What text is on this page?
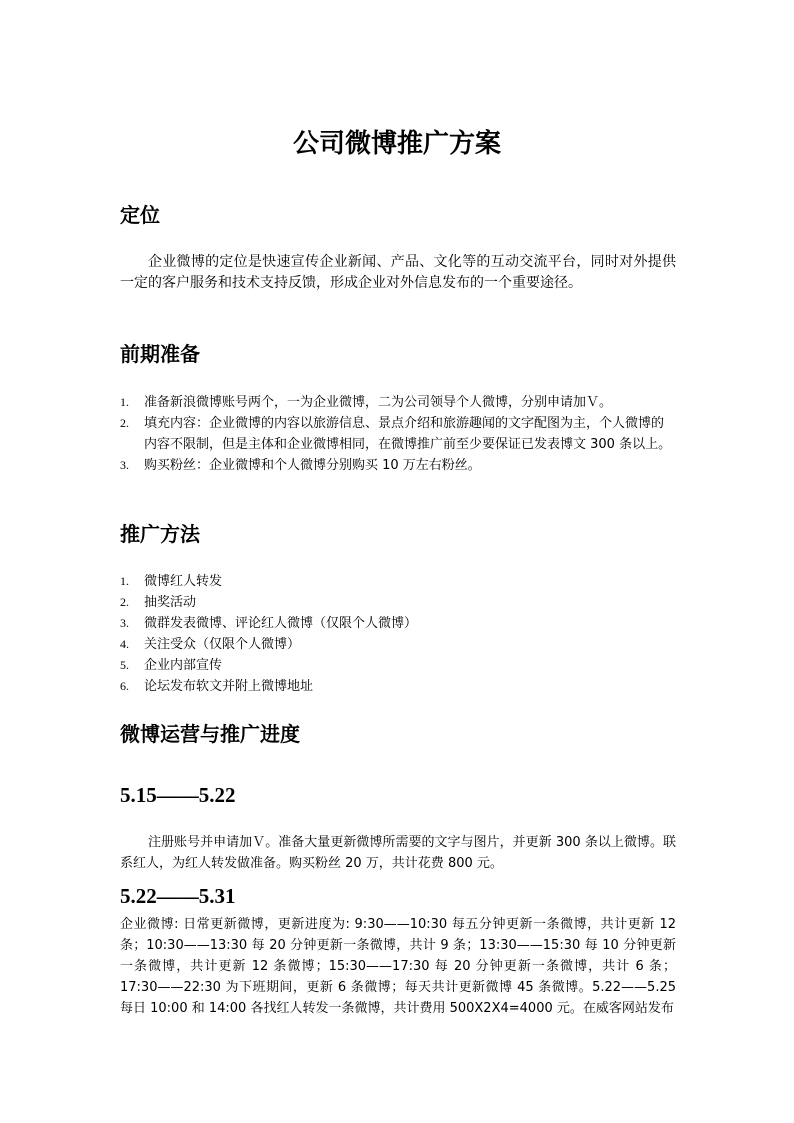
公司微博推广方案
定位
企业微博的定位是快速宣传企业新闻、产品、文化等的互动交流平台，同时对外提供一定的客户服务和技术支持反馈，形成企业对外信息发布的一个重要途径。
前期准备
1. 准备新浪微博账号两个，一为企业微博，二为公司领导个人微博，分别申请加Ｖ。
2. 填充内容：企业微博的内容以旅游信息、景点介绍和旅游趣闻的文字配图为主，个人微博的内容不限制，但是主体和企业微博相同，在微博推广前至少要保证已发表博文 300 条以上。
3. 购买粉丝：企业微博和个人微博分别购买 10 万左右粉丝。
推广方法
1. 微博红人转发
2. 抽奖活动
3. 微群发表微博、评论红人微博（仅限个人微博）
4. 关注受众（仅限个人微博）
5. 企业内部宣传
6. 论坛发布软文并附上微博地址
微博运营与推广进度
5.15——5.22
注册账号并申请加Ｖ。准备大量更新微博所需要的文字与图片，并更新 300 条以上微博。联系红人，为红人转发做准备。购买粉丝 20 万，共计花费 800 元。
5.22——5.31
企业微博: 日常更新微博，更新进度为: 9:30——10:30 每五分钟更新一条微博，共计更新 12 条；10:30——13:30 每 20 分钟更新一条微博，共计 9 条；13:30——15:30 每 10 分钟更新一条微博，共计更新 12 条微博；15:30——17:30 每 20 分钟更新一条微博，共计 6 条；17:30——22:30 为下班期间，更新 6 条微博；每天共计更新微博 45 条微博。5.22——5.25 每日 10:00 和 14:00 各找红人转发一条微博，共计费用 500X2X4=4000 元。在威客网站发布
